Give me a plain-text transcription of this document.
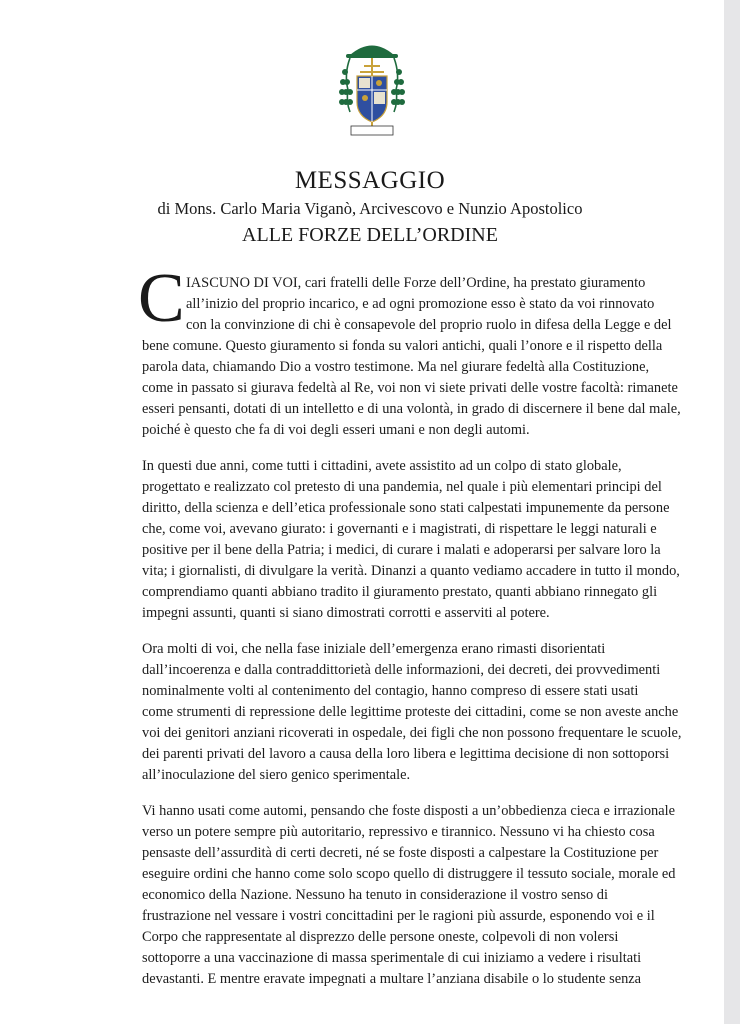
MESSAGGIO
di Mons. Carlo Maria Viganò, Arcivescovo e Nunzio Apostolico
ALLE FORZE DELL’ORDINE
C IASCUNO DI VOI, cari fratelli delle Forze dell’Ordine, ha prestato giuramento
all’inizio del proprio incarico, e ad ogni promozione esso è stato da voi rinnovato
con la convinzione di chi è consapevole del proprio ruolo in difesa della Legge e del
bene comune. Questo giuramento si fonda su valori antichi, quali l’onore e il rispetto della
parola data, chiamando Dio a vostro testimone. Ma nel giurare fedeltà alla Costituzione,
come in passato si giurava fedeltà al Re, voi non vi siete privati delle vostre facoltà: rimanete
esseri pensanti, dotati di un intelletto e di una volontà, in grado di discernere il bene dal male,
poiché è questo che fa di voi degli esseri umani e non degli automi.
In questi due anni, come tutti i cittadini, avete assistito ad un colpo di stato globale,
progettato e realizzato col pretesto di una pandemia, nel quale i più elementari principi del
diritto, della scienza e dell’etica professionale sono stati calpestati impunemente da persone
che, come voi, avevano giurato: i governanti e i magistrati, di rispettare le leggi naturali e
positive per il bene della Patria; i medici, di curare i malati e adoperarsi per salvare loro la
vita; i giornalisti, di divulgare la verità. Dinanzi a quanto vediamo accadere in tutto il mondo,
comprendiamo quanti abbiano tradito il giuramento prestato, quanti abbiano rinnegato gli
impegni assunti, quanti si siano dimostrati corrotti e asserviti al potere.
Ora molti di voi, che nella fase iniziale dell’emergenza erano rimasti disorientati
dall’incoerenza e dalla contraddittorietà delle informazioni, dei decreti, dei provvedimenti
nominalmente volti al contenimento del contagio, hanno compreso di essere stati usati
come strumenti di repressione delle legittime proteste dei cittadini, come se non aveste anche
voi dei genitori anziani ricoverati in ospedale, dei figli che non possono frequentare le scuole,
dei parenti privati del lavoro a causa della loro libera e legittima decisione di non sottoporsi
all’inoculazione del siero genico sperimentale.
Vi hanno usati come automi, pensando che foste disposti a un’obbedienza cieca e irrazionale
verso un potere sempre più autoritario, repressivo e tirannico. Nessuno vi ha chiesto cosa
pensaste dell’assurdità di certi decreti, né se foste disposti a calpestare la Costituzione per
eseguire ordini che hanno come solo scopo quello di distruggere il tessuto sociale, morale ed
economico della Nazione. Nessuno ha tenuto in considerazione il vostro senso di
frustrazione nel vessare i vostri concittadini per le ragioni più assurde, esponendo voi e il
Corpo che rappresentate al disprezzo delle persone oneste, colpevoli di non volersi
sottoporre a una vaccinazione di massa sperimentale di cui iniziamo a vedere i risultati
devastanti. E mentre eravate impegnati a multare l’anziana disabile o lo studente senza
